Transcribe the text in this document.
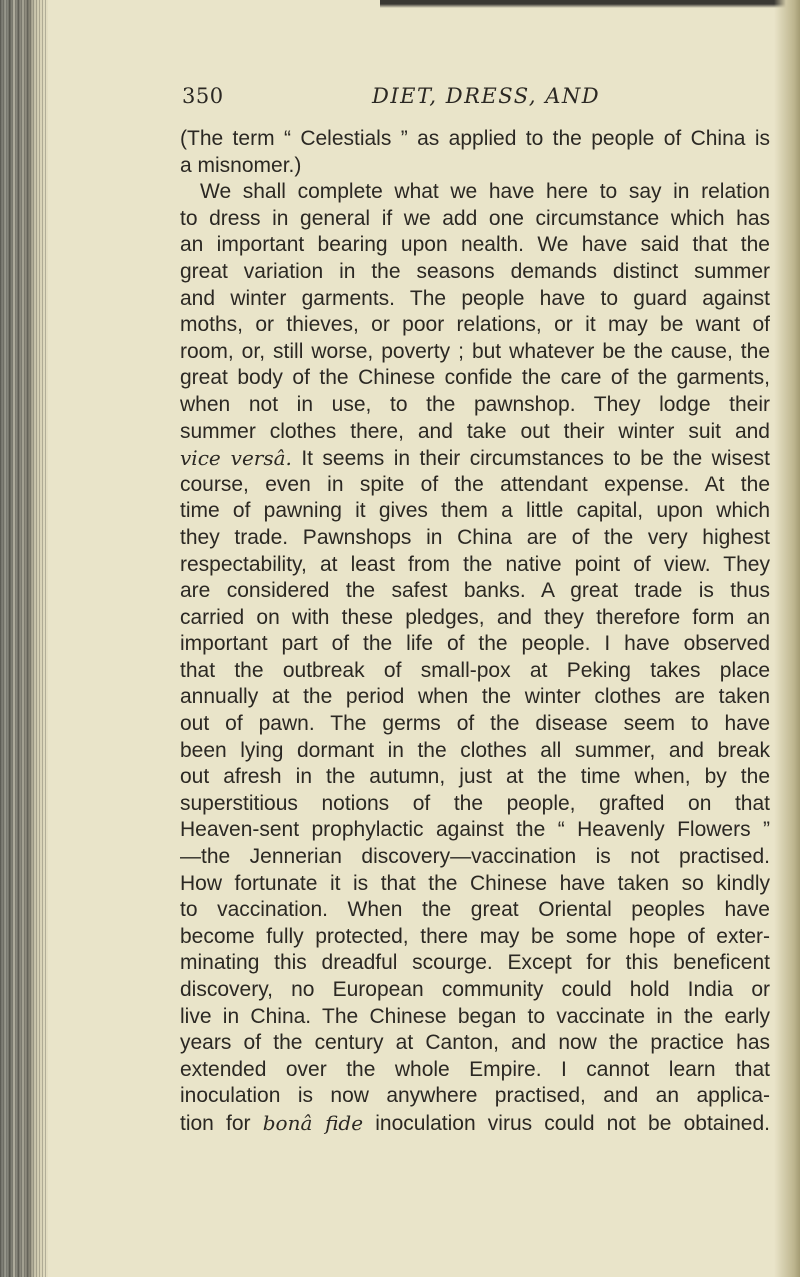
350	DIET, DRESS, AND
(The term “ Celestials ” as applied to the people of China is
a misnomer.)
We shall complete what we have here to say in relation
to dress in general if we add one circumstance which has
an important bearing upon nealth. We have said that the
great variation in the seasons demands distinct summer
and winter garments. The people have to guard against
moths, or thieves, or poor relations, or it may be want of
room, or, still worse, poverty ; but whatever be the cause, the
great body of the Chinese confide the care of the garments,
when not in use, to the pawnshop. They lodge their
summer clothes there, and take out their winter suit and
vice versâ. It seems in their circumstances to be the wisest
course, even in spite of the attendant expense. At the
time of pawning it gives them a little capital, upon which
they trade. Pawnshops in China are of the very highest
respectability, at least from the native point of view. They
are considered the safest banks. A great trade is thus
carried on with these pledges, and they therefore form an
important part of the life of the people. I have observed
that the outbreak of small-pox at Peking takes place
annually at the period when the winter clothes are taken
out of pawn. The germs of the disease seem to have
been lying dormant in the clothes all summer, and break
out afresh in the autumn, just at the time when, by the
superstitious notions of the people, grafted on that
Heaven-sent prophylactic against the “ Heavenly Flowers ”
—the Jennerian discovery—vaccination is not practised.
How fortunate it is that the Chinese have taken so kindly
to vaccination. When the great Oriental peoples have
become fully protected, there may be some hope of exter-
minating this dreadful scourge. Except for this beneficent
discovery, no European community could hold India or
live in China. The Chinese began to vaccinate in the early
years of the century at Canton, and now the practice has
extended over the whole Empire. I cannot learn that
inoculation is now anywhere practised, and an applica-
tion for bonâ fide inoculation virus could not be obtained.
